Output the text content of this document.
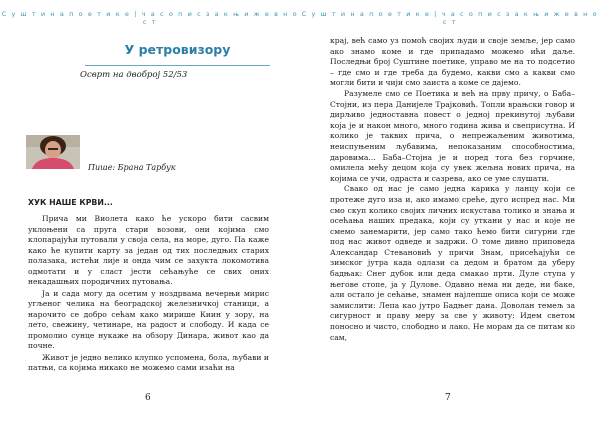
С у ш т и н а п о е т и к е | ч а с о п и с з а к њ и ж е в н о с т
У ретровизору
Осврт на двоброј 52/53
Пише: Брана Тарбук
ХУК НАШЕ КРВИ...

Прича ми Виолета како ће ускоро бити сасвим уклоњени са пруга стари возови, они којима смо клопарајући путовали у своја села, на море, дуго. Па каже како ће купити карту за један од тих последњих старих полазака, истећи лије и онда чим се захукта локомотива одмотати и у сласт јести сећањуће се свих оних некадашњих породичних путовања.

Ја и сада могу да осетим у ноздрвама вечерњи мирис угљеног челика на београдској железничкој станици, а нарочито се добро сећам како мирише Киин у зору, на лето, свежину, четинаре, на радост и слободу. И када се промолио сунце нукаже на обзору Динара, живот као да почне.

Живот је једно велико клупко успомена, бола, љубави и патњи, са којима никако не можемо сами изаћи на

6
С у ш т и н а п о е т и к е | ч а с о п и с з а к њ и ж е в н о с т
7

крај, већ само уз помоћ својих људи и своје земље, јер само ако знамо коме и где припадамо можемо ићи даље. Последњи број Суштине поетике, управо ме на то подсетио – где смо и где треба да будемо, какви смо а какви смо могли бити и чији смо заиста а коме се дајемо.

Разумеле смо се Поетика и већ на прву причу, о Баба–Стојни, из пера Данијеле Трајковић. Топли врањски говор и дирљиво једноставна повест о једној прекинутој љубави која је и након много, много година жива и свеприсутна. И колико је таквих прича, о непрежаљеним животима, неиспуњеним љубавима, непоказаним способностима, даровима... Баба–Стојна је и поред тога без горчине, омилела мећу децом која су увек жељна нових прича, на којима се учи, одраста и сазрева, ако се уме слушати.

Свако од нас је само једна карика у ланцу који се протеже дуго иза и, ако имамо среће, дуго испред нас. Ми смо скуп колико својих личних искустава толико и знања и осећања наших предака, који су уткани у нас и које не смемо занемарити, јер само тако ћемо бити сигурни где под нас живот одведе и задржи. О томе дивно приповеда Александар Стевановић у причи Знам, присећајући се зимског јутра када одлази са дедом и братом да уберу бадњак: Снег дубок или деда смакао прти. Дуле ступа у његове стопе, ја у Дулове. Одавно нема ни деде, ни баке, али остало је сећање, знамен најлепше описа који се може замислити: Лепа као јутро Бадњег дана. Доволан темељ за сигурност и праву мерy за све у животу: Идем светом поносно и чисто, слободно и лако. Не морам да се питам ко сам,
